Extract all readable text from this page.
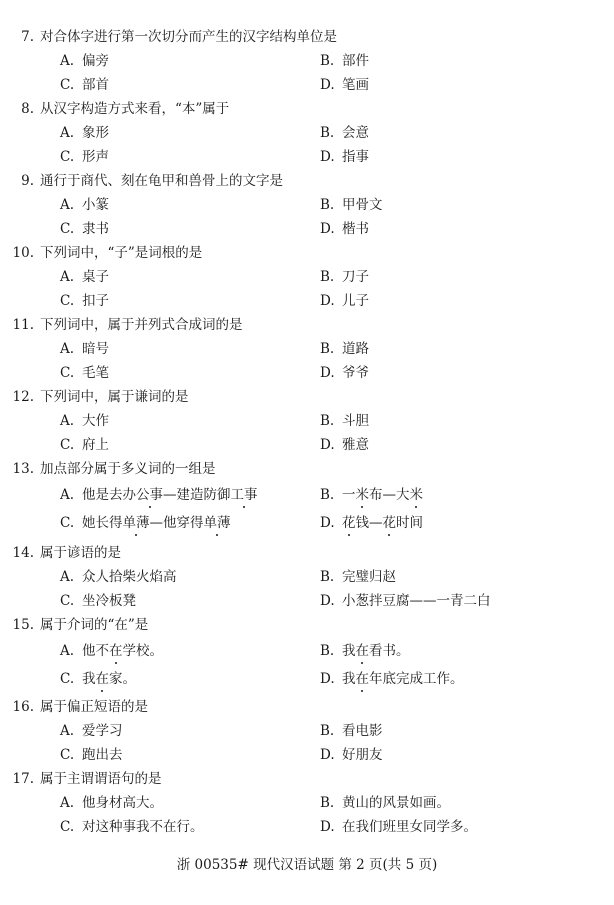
7. 对合体字进行第一次切分而产生的汉字结构单位是
A. 偏旁	B. 部件
C. 部首	D. 笔画
8. 从汉字构造方式来看，“本”属于
A. 象形	B. 会意
C. 形声	D. 指事
9. 通行于商代、刻在龟甲和兽骨上的文字是
A. 小篆	B. 甲骨文
C. 隶书	D. 楷书
10. 下列词中，“子”是词根的是
A. 桌子	B. 刀子
C. 扣子	D. 儿子
11. 下列词中，属于并列式合成词的是
A. 暗号	B. 道路
C. 毛笔	D. 爷爷
12. 下列词中，属于谦词的是
A. 大作	B. 斗胆
C. 府上	D. 雅意
13. 加点部分属于多义词的一组是
A. 他是去办公事—建造防御工事	B. 一米布—大米
C. 她长得单薄—他穿得单薄	D. 花钱—花时间
14. 属于谚语的是
A. 众人拾柴火焰高	B. 完璧归赵
C. 坐冷板凳	D. 小葱拌豆腐——一青二白
15. 属于介词的“在”是
A. 他不在学校。	B. 我在看书。
C. 我在家。	D. 我在年底完成工作。
16. 属于偏正短语的是
A. 爱学习	B. 看电影
C. 跑出去	D. 好朋友
17. 属于主谓谓语句的是
A. 他身材高大。	B. 黄山的风景如画。
C. 对这种事我不在行。	D. 在我们班里女同学多。
浙 00535# 现代汉语试题 第 2 页(共 5 页)
